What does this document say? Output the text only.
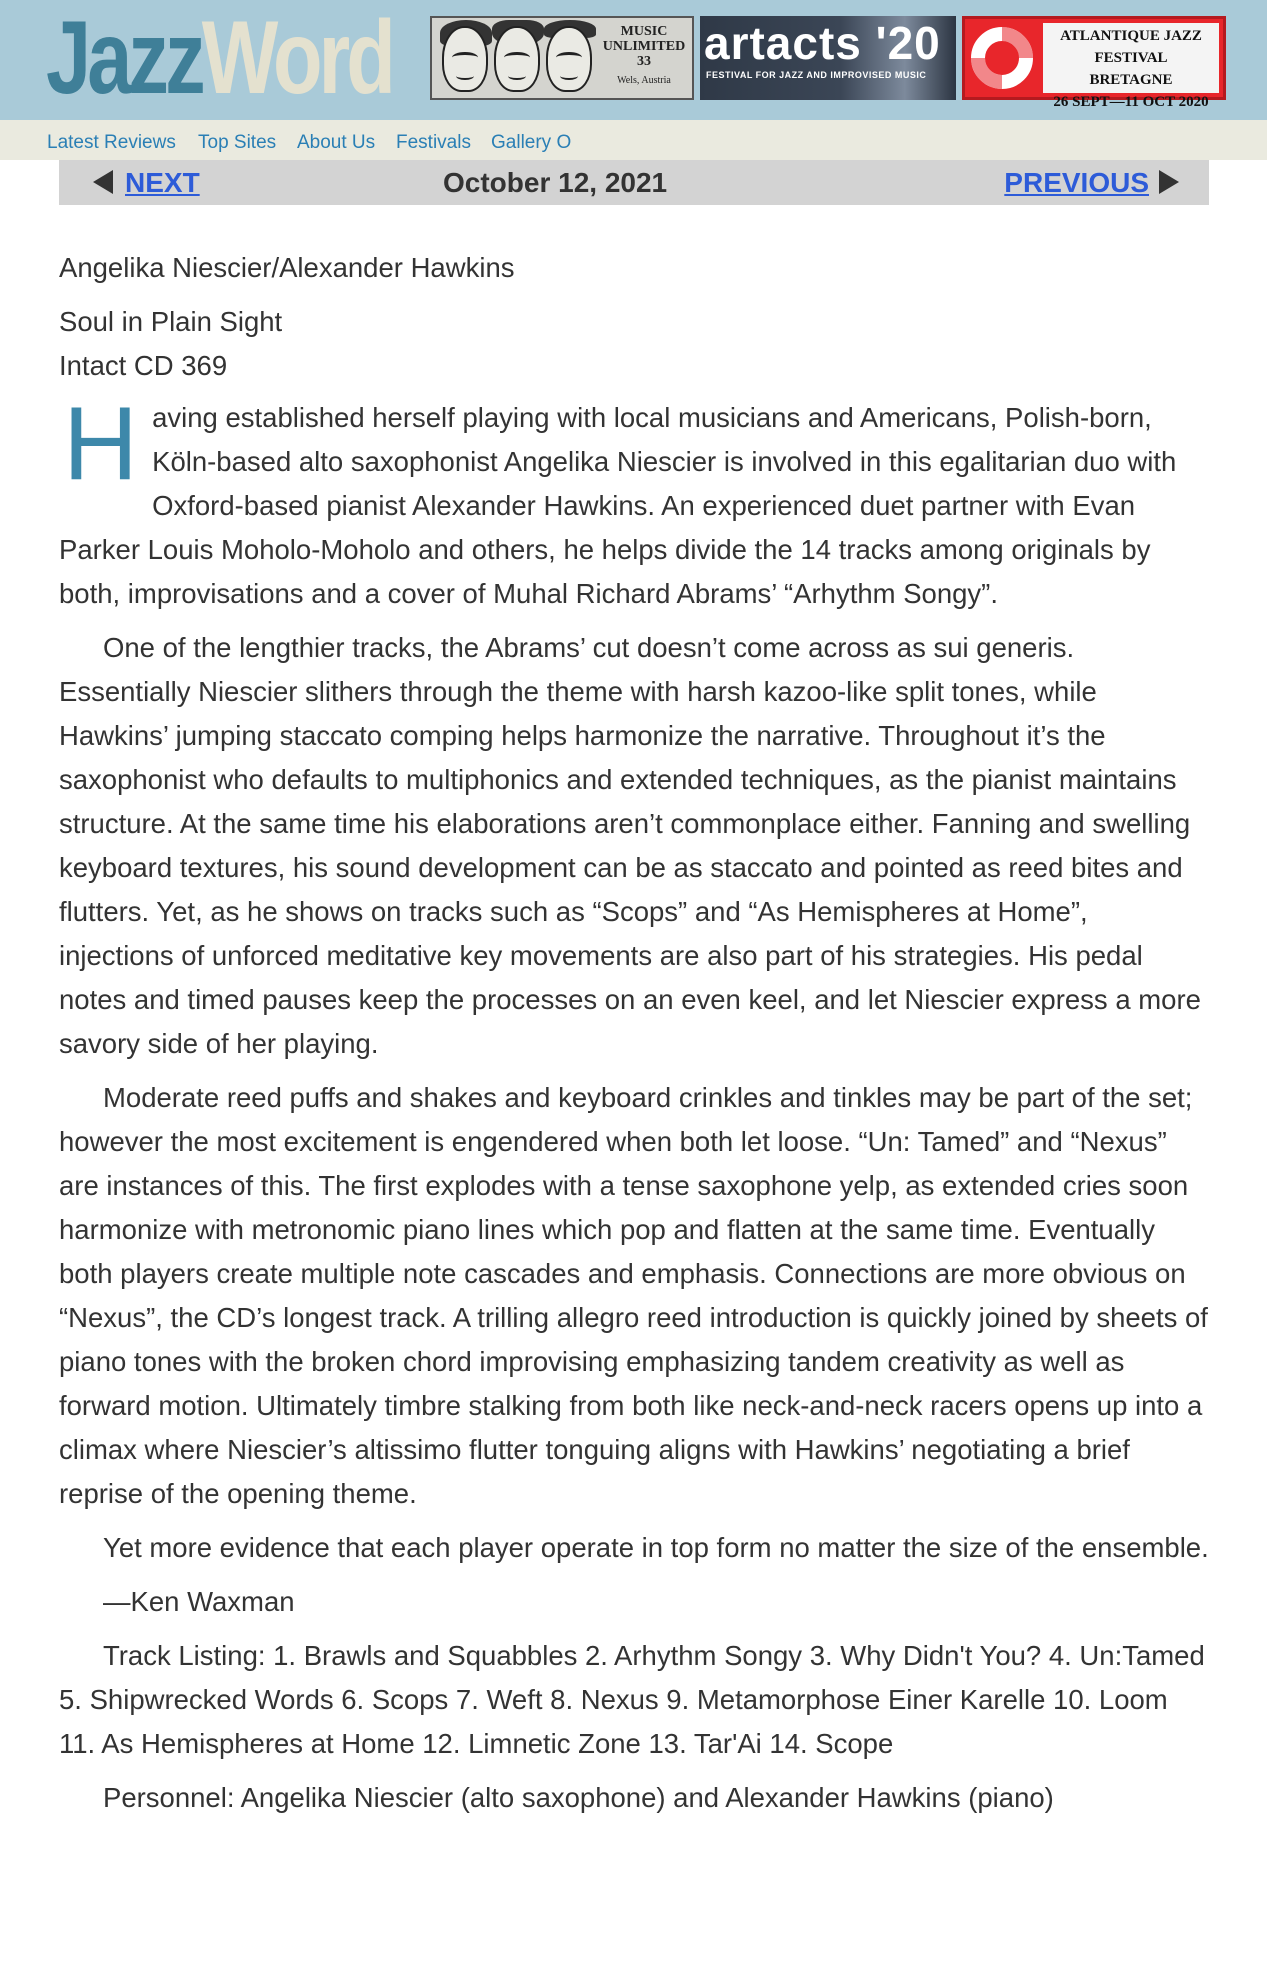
JazzWord	MUSIC
UNLIMITED
33
Wels, Austria
artacts '20
FESTIVAL FOR JAZZ AND IMPROVISED MUSIC
ATLANTIQUE JAZZ FESTIVAL
BRETAGNE
26 SEPT—11 OCT 2020
Latest Reviews Top Sites About Us Festivals Gallery O
NEXT	October 12, 2021	PREVIOUS

Angelika Niescier/Alexander Hawkins

Soul in Plain Sight

Intact CD 369

Having established herself playing with local musicians and Americans, Polish-born, Köln-based alto saxophonist Angelika Niescier is involved in this egalitarian duo with Oxford-based pianist Alexander Hawkins. An experienced duet partner with Evan Parker Louis Moholo-Moholo and others, he helps divide the 14 tracks among originals by both, improvisations and a cover of Muhal Richard Abrams’ “Arhythm Songy”.

One of the lengthier tracks, the Abrams’ cut doesn’t come across as sui generis. Essentially Niescier slithers through the theme with harsh kazoo-like split tones, while Hawkins’ jumping staccato comping helps harmonize the narrative. Throughout it’s the saxophonist who defaults to multiphonics and extended techniques, as the pianist maintains structure. At the same time his elaborations aren’t commonplace either. Fanning and swelling keyboard textures, his sound development can be as staccato and pointed as reed bites and flutters. Yet, as he shows on tracks such as “Scops” and “As Hemispheres at Home”, injections of unforced meditative key movements are also part of his strategies. His pedal notes and timed pauses keep the processes on an even keel, and let Niescier express a more savory side of her playing.

Moderate reed puffs and shakes and keyboard crinkles and tinkles may be part of the set; however the most excitement is engendered when both let loose. “Un: Tamed” and “Nexus” are instances of this. The first explodes with a tense saxophone yelp, as extended cries soon harmonize with metronomic piano lines which pop and flatten at the same time. Eventually both players create multiple note cascades and emphasis. Connections are more obvious on “Nexus”, the CD’s longest track. A trilling allegro reed introduction is quickly joined by sheets of piano tones with the broken chord improvising emphasizing tandem creativity as well as forward motion. Ultimately timbre stalking from both like neck-and-neck racers opens up into a climax where Niescier’s altissimo flutter tonguing aligns with Hawkins’ negotiating a brief reprise of the opening theme.

Yet more evidence that each player operate in top form no matter the size of the ensemble.

—Ken Waxman

Track Listing: 1. Brawls and Squabbles 2. Arhythm Songy 3. Why Didn't You? 4. Un:Tamed 5. Shipwrecked Words 6. Scops 7. Weft 8. Nexus 9. Metamorphose Einer Karelle 10. Loom 11. As Hemispheres at Home 12. Limnetic Zone 13. Tar'Ai 14. Scope

Personnel: Angelika Niescier (alto saxophone) and Alexander Hawkins (piano)
